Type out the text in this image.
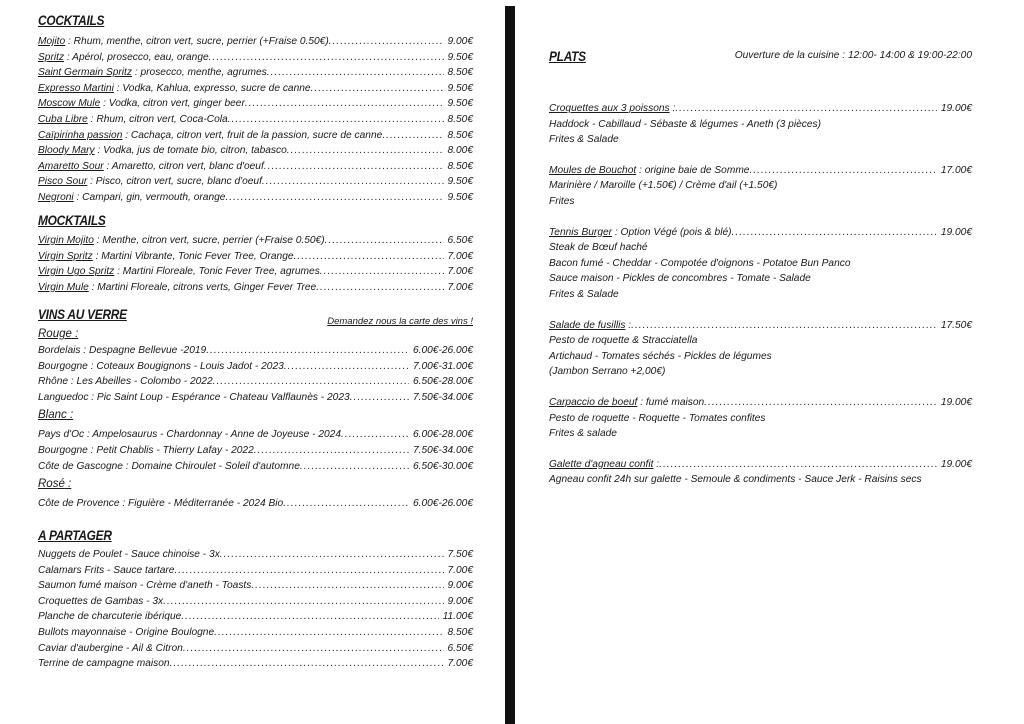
COCKTAILS
Mojito : Rhum, menthe, citron vert, sucre, perrier (+Fraise 0.50€) .....	9.00€
Spritz : Apérol, prosecco, eau, orange .....	9.50€
Saint Germain Spritz : prosecco, menthe, agrumes .....	8.50€
Expresso Martini : Vodka, Kahlua, expresso, sucre de canne .....	9.50€
Moscow Mule : Vodka, citron vert, ginger beer .....	9.50€
Cuba Libre : Rhum, citron vert, Coca-Cola .....	8.50€
Caïpirinha passion : Cachaça, citron vert, fruit de la passion, sucre de canne .....	8.50€
Bloody Mary : Vodka, jus de tomate bio, citron, tabasco .....	8.00€
Amaretto Sour : Amaretto, citron vert, blanc d'oeuf .....	8.50€
Pisco Sour : Pisco, citron vert, sucre, blanc d'oeuf .....	9.50€
Negroni : Campari, gin, vermouth, orange .....	9.50€
MOCKTAILS
Virgin Mojito : Menthe, citron vert, sucre, perrier (+Fraise 0.50€) .....	6.50€
Virgin Spritz : Martini Vibrante, Tonic Fever Tree, Orange .....	7.00€
Virgin Ugo Spritz : Martini Floreale, Tonic Fever Tree, agrumes .....	7.00€
Virgin Mule : Martini Floreale, citrons verts, Ginger Fever Tree .....	7.00€
VINS AU VERRE	Demandez nous la carte des vins !
Rouge :
Bordelais : Despagne Bellevue -2019 .....	6.00€-26.00€
Bourgogne : Coteaux Bougignons - Louis Jadot - 2023 .....	7.00€-31.00€
Rhône : Les Abeilles - Colombo - 2022 .....	6.50€-28.00€
Languedoc : Pic Saint Loup - Espérance - Chateau Valflaunès - 2023 .....	7.50€-34.00€
Blanc :
Pays d'Oc : Ampelosaurus - Chardonnay - Anne de Joyeuse - 2024 .....	6.00€-28.00€
Bourgogne : Petit Chablis - Thierry Lafay - 2022 .....	7.50€-34.00€
Côte de Gascogne : Domaine Chiroulet - Soleil d'automne .....	6.50€-30.00€
Rosé :
Côte de Provence : Figuière - Méditerranée - 2024 Bio .....	6.00€-26.00€
A PARTAGER
Nuggets de Poulet - Sauce chinoise - 3x .....	7.50€
Calamars Frits - Sauce tartare .....	7.00€
Saumon fumé maison - Crème d'aneth - Toasts .....	9.00€
Croquettes de Gambas - 3x .....	9.00€
Planche de charcuterie ibérique .....	11.00€
Bullots mayonnaise - Origine Boulogne .....	8.50€
Caviar d'aubergine - Ail & Citron .....	6.50€
Terrine de campagne maison .....	7.00€
PLATS	Ouverture de la cuisine : 12:00- 14:00 & 19:00-22:00
Croquettes aux 3 poissons : .....	19.00€
Haddock - Cabillaud - Sébaste & légumes - Aneth (3 pièces)
Frites & Salade
Moules de Bouchot : origine baie de Somme .....	17.00€
Marinière / Maroille (+1.50€) / Crème d'ail (+1.50€)
Frites
Tennis Burger : Option Végé (pois & blé) .....	19.00€
Steak de Bœuf haché
Bacon fumé - Cheddar - Compotée d'oignons - Potatoe Bun Panco
Sauce maison - Pickles de concombres - Tomate - Salade
Frites & Salade
Salade de fusillis : .....	17.50€
Pesto de roquette & Stracciatella
Artichaud - Tomates séchés - Pickles de légumes
(Jambon Serrano +2,00€)
Carpaccio de boeuf : fumé maison .....	19.00€
Pesto de roquette - Roquette - Tomates confites
Frites & salade
Galette d'agneau confit : .....	19.00€
Agneau confit 24h sur galette - Semoule & condiments - Sauce Jerk - Raisins secs
